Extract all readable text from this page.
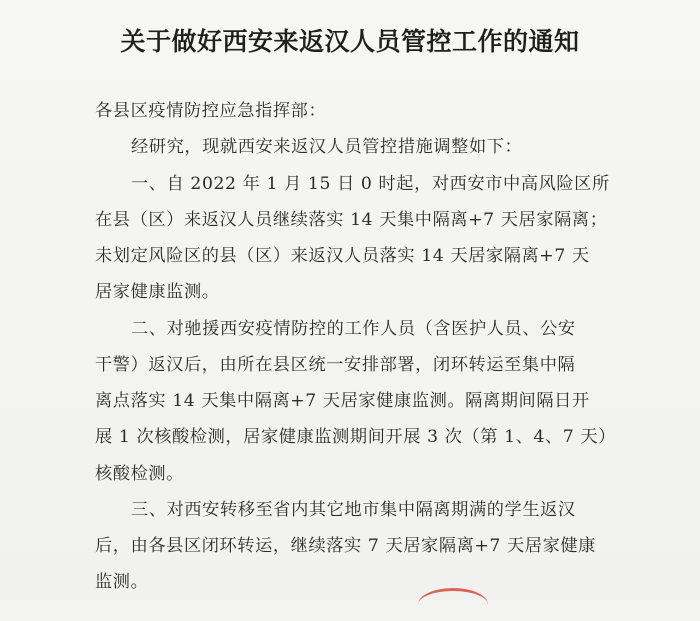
关于做好西安来返汉人员管控工作的通知
各县区疫情防控应急指挥部：
经研究，现就西安来返汉人员管控措施调整如下：
一、自 2022 年 1 月 15 日 0 时起，对西安市中高风险区所
在县（区）来返汉人员继续落实 14 天集中隔离+7 天居家隔离；
未划定风险区的县（区）来返汉人员落实 14 天居家隔离+7 天
居家健康监测。
二、对驰援西安疫情防控的工作人员（含医护人员、公安
干警）返汉后，由所在县区统一安排部署，闭环转运至集中隔
离点落实 14 天集中隔离+7 天居家健康监测。隔离期间隔日开
展 1 次核酸检测，居家健康监测期间开展 3 次（第 1、4、7 天）
核酸检测。
三、对西安转移至省内其它地市集中隔离期满的学生返汉
后，由各县区闭环转运，继续落实 7 天居家隔离+7 天居家健康
监测。
